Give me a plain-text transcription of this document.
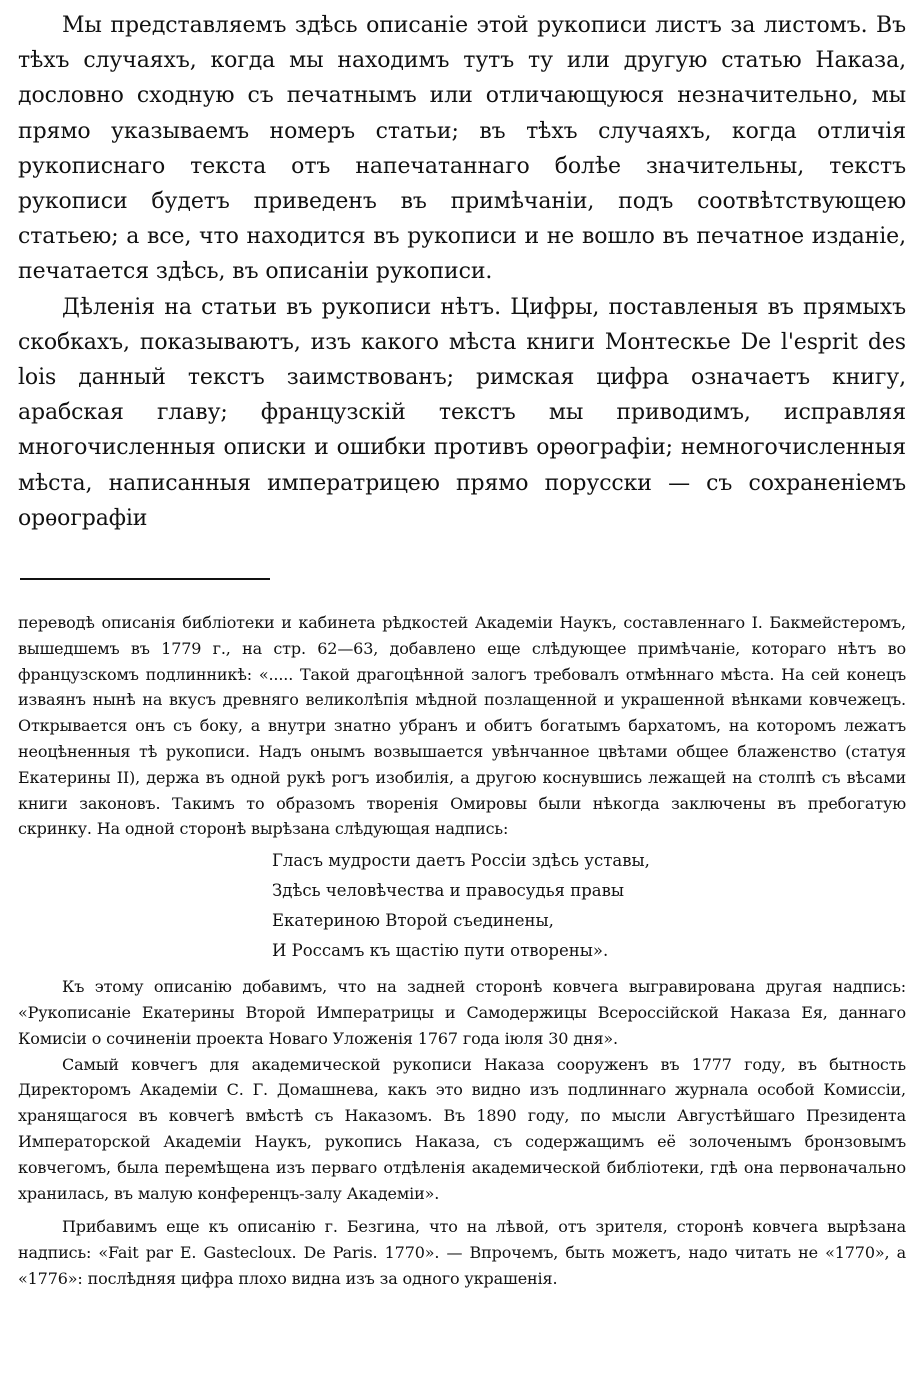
Мы представляемъ здѣсь описаніе этой рукописи листъ за листомъ. Въ тѣхъ случаяхъ, когда мы находимъ тутъ ту или другую статью Наказа, дословно сходную съ печатнымъ или отличающуюся незначительно, мы прямо указываемъ номеръ статьи; въ тѣхъ случаяхъ, когда отличія рукописнаго текста отъ напечатаннаго болѣе значительны, текстъ рукописи будетъ приведенъ въ примѣчаніи, подъ соотвѣтствующею статьею; а все, что находится въ рукописи и не вошло въ печатное изданіе, печатается здѣсь, въ описаніи рукописи.

Дѣленія на статьи въ рукописи нѣтъ. Цифры, поставленыя въ прямыхъ скобкахъ, показываютъ, изъ какого мѣста книги Монтескье De l'esprit des lois данный текстъ заимствованъ; римская цифра означаетъ книгу, арабская главу; французскій текстъ мы приводимъ, исправляя многочисленныя описки и ошибки противъ орѳографіи; немногочисленныя мѣста, написанныя императрицею прямо порусски — съ сохраненіемъ орѳографіи

переводѣ описанія библіотеки и кабинета рѣдкостей Академіи Наукъ, составленнаго І. Бакмейстеромъ, вышедшемъ въ 1779 г., на стр. 62—63, добавлено еще слѣдующее примѣчаніе, котораго нѣтъ во французскомъ подлинникѣ: «..... Такой драгоцѣнной залогъ требовалъ отмѣннаго мѣста. На сей конецъ изваянъ нынѣ на вкусъ древняго великолѣпія мѣдной позлащенной и украшенной вѣнками ковчежецъ. Открывается онъ съ боку, а внутри знатно убранъ и обитъ богатымъ бархатомъ, на которомъ лежатъ неоцѣненныя тѣ рукописи. Надъ онымъ возвышается увѣнчанное цвѣтами общее блаженство (статуя Екатерины II), держа въ одной рукѣ рогъ изобилія, а другою коснувшись лежащей на столпѣ съ вѣсами книги законовъ. Такимъ то образомъ творенія Омировы были нѣкогда заключены въ пребогатую скринку. На одной сторонѣ вырѣзана слѣдующая надпись:

Гласъ мудрости даетъ Россіи здѣсь уставы,
Здѣсь человѣчества и правосудья правы
Екатериною Второй съединены,
И Россамъ къ щастію пути отворены».

Къ этому описанію добавимъ, что на задней сторонѣ ковчега выгравирована другая надпись: «Рукописаніе Екатерины Второй Императрицы и Самодержицы Всероссійской Наказа Ея, даннаго Комисіи о сочиненіи проекта Новаго Уложенія 1767 года іюля 30 дня».

Самый ковчегъ для академической рукописи Наказа сооруженъ въ 1777 году, въ бытность Директоромъ Академіи С. Г. Домашнева, какъ это видно изъ подлиннаго журнала особой Комиссіи, хранящагося въ ковчегѣ вмѣстѣ съ Наказомъ. Въ 1890 году, по мысли Августѣйшаго Президента Императорской Академіи Наукъ, рукопись Наказа, съ содержащимъ её золоченымъ бронзовымъ ковчегомъ, была перемѣщена изъ перваго отдѣленія академической библіотеки, гдѣ она первоначально хранилась, въ малую конференцъ-залу Академіи».

Прибавимъ еще къ описанію г. Безгина, что на лѣвой, отъ зрителя, сторонѣ ковчега вырѣзана надпись: «Fait par E. Gastecloux. De Paris. 1770». — Впрочемъ, быть можетъ, надо читать не «1770», а «1776»: послѣдняя цифра плохо видна изъ за одного украшенія.
